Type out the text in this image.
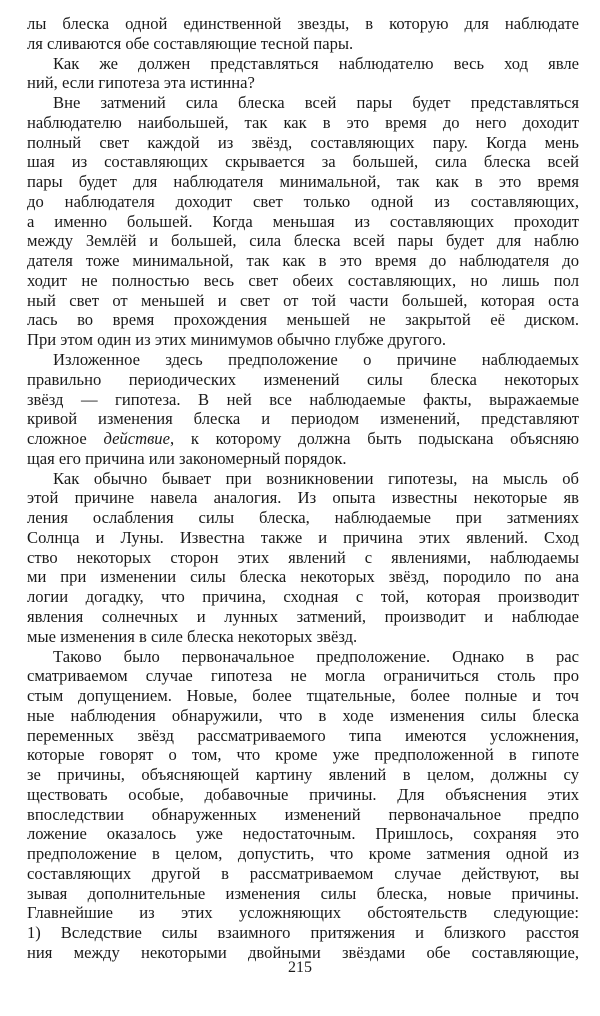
лы блеска одной единственной звезды, в которую для наблюдате
ля сливаются обе составляющие тесной пары.
Как же должен представляться наблюдателю весь ход явле
ний, если гипотеза эта истинна?
Вне затмений сила блеска всей пары будет представляться
наблюдателю наибольшей, так как в это время до него доходит
полный свет каждой из звёзд, составляющих пару. Когда мень
шая из составляющих скрывается за большей, сила блеска всей
пары будет для наблюдателя минимальной, так как в это время
до наблюдателя доходит свет только одной из составляющих,
а именно большей. Когда меньшая из составляющих проходит
между Землёй и большей, сила блеска всей пары будет для наблю
дателя тоже минимальной, так как в это время до наблюдателя до
ходит не полностью весь свет обеих составляющих, но лишь пол
ный свет от меньшей и свет от той части большей, которая оста
лась во время прохождения меньшей не закрытой её диском.
При этом один из этих минимумов обычно глубже другого.
Изложенное здесь предположение о причине наблюдаемых
правильно периодических изменений силы блеска некоторых
звёзд — гипотеза. В ней все наблюдаемые факты, выражаемые
кривой изменения блеска и периодом изменений, представляют
сложное действие, к которому должна быть подыскана объясняю
щая его причина или закономерный порядок.
Как обычно бывает при возникновении гипотезы, на мысль об
этой причине навела аналогия. Из опыта известны некоторые яв
ления ослабления силы блеска, наблюдаемые при затмениях
Солнца и Луны. Известна также и причина этих явлений. Сход
ство некоторых сторон этих явлений с явлениями, наблюдаемы
ми при изменении силы блеска некоторых звёзд, породило по ана
логии догадку, что причина, сходная с той, которая производит
явления солнечных и лунных затмений, производит и наблюдае
мые изменения в силе блеска некоторых звёзд.
Таково было первоначальное предположение. Однако в рас
сматриваемом случае гипотеза не могла ограничиться столь про
стым допущением. Новые, более тщательные, более полные и точ
ные наблюдения обнаружили, что в ходе изменения силы блеска
переменных звёзд рассматриваемого типа имеются усложнения,
которые говорят о том, что кроме уже предположенной в гипоте
зе причины, объясняющей картину явлений в целом, должны су
ществовать особые, добавочные причины. Для объяснения этих
впоследствии обнаруженных изменений первоначальное предпо
ложение оказалось уже недостаточным. Пришлось, сохраняя это
предположение в целом, допустить, что кроме затмения одной из
составляющих другой в рассматриваемом случае действуют, вы
зывая дополнительные изменения силы блеска, новые причины.
Главнейшие из этих усложняющих обстоятельств следующие:
1) Вследствие силы взаимного притяжения и близкого расстоя
ния между некоторыми двойными звёздами обе составляющие,
215
